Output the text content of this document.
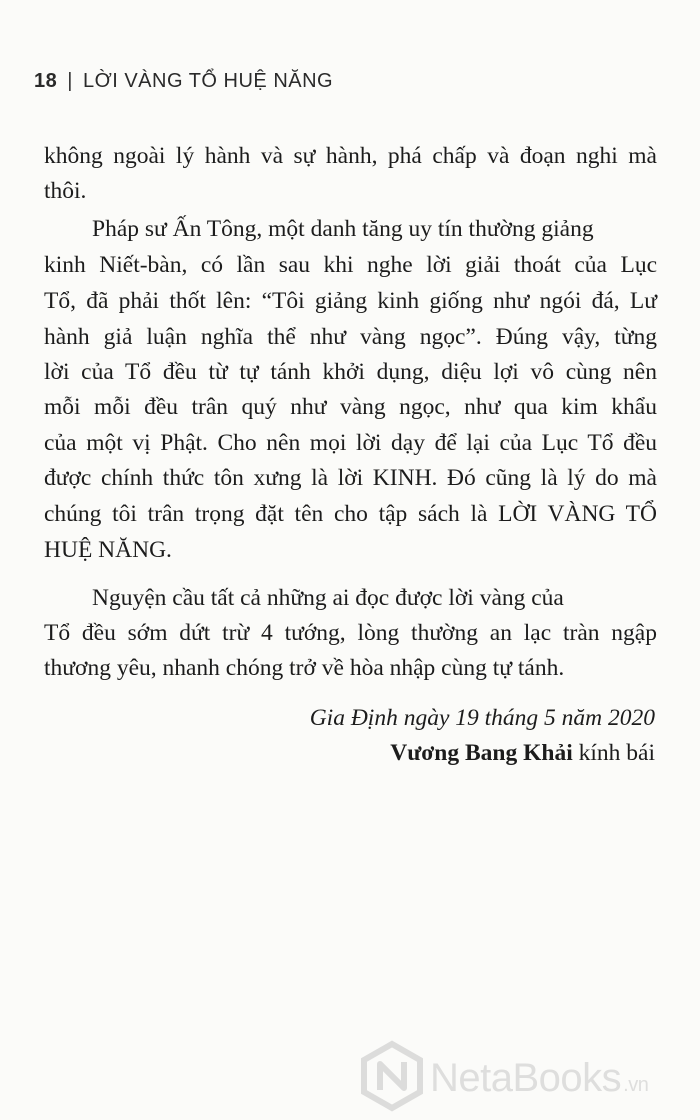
18 | LỜI VÀNG TỔ HUỆ NĂNG
không ngoài lý hành và sự hành, phá chấp và đoạn nghi mà
thôi.
Pháp sư Ấn Tông, một danh tăng uy tín thường giảng
kinh Niết-bàn, có lần sau khi nghe lời giải thoát của Lục
Tổ, đã phải thốt lên: “Tôi giảng kinh giống như ngói đá, Lư
hành giả luận nghĩa thể như vàng ngọc”. Đúng vậy, từng
lời của Tổ đều từ tự tánh khởi dụng, diệu lợi vô cùng nên
mỗi mỗi đều trân quý như vàng ngọc, như qua kim khẩu
của một vị Phật. Cho nên mọi lời dạy để lại của Lục Tổ đều
được chính thức tôn xưng là lời KINH. Đó cũng là lý do mà
chúng tôi trân trọng đặt tên cho tập sách là LỜI VÀNG TỔ
HUỆ NĂNG.
Nguyện cầu tất cả những ai đọc được lời vàng của
Tổ đều sớm dứt trừ 4 tướng, lòng thường an lạc tràn ngập
thương yêu, nhanh chóng trở về hòa nhập cùng tự tánh.
Gia Định ngày 19 tháng 5 năm 2020
Vương Bang Khải kính bái
NetaBooks .vn
